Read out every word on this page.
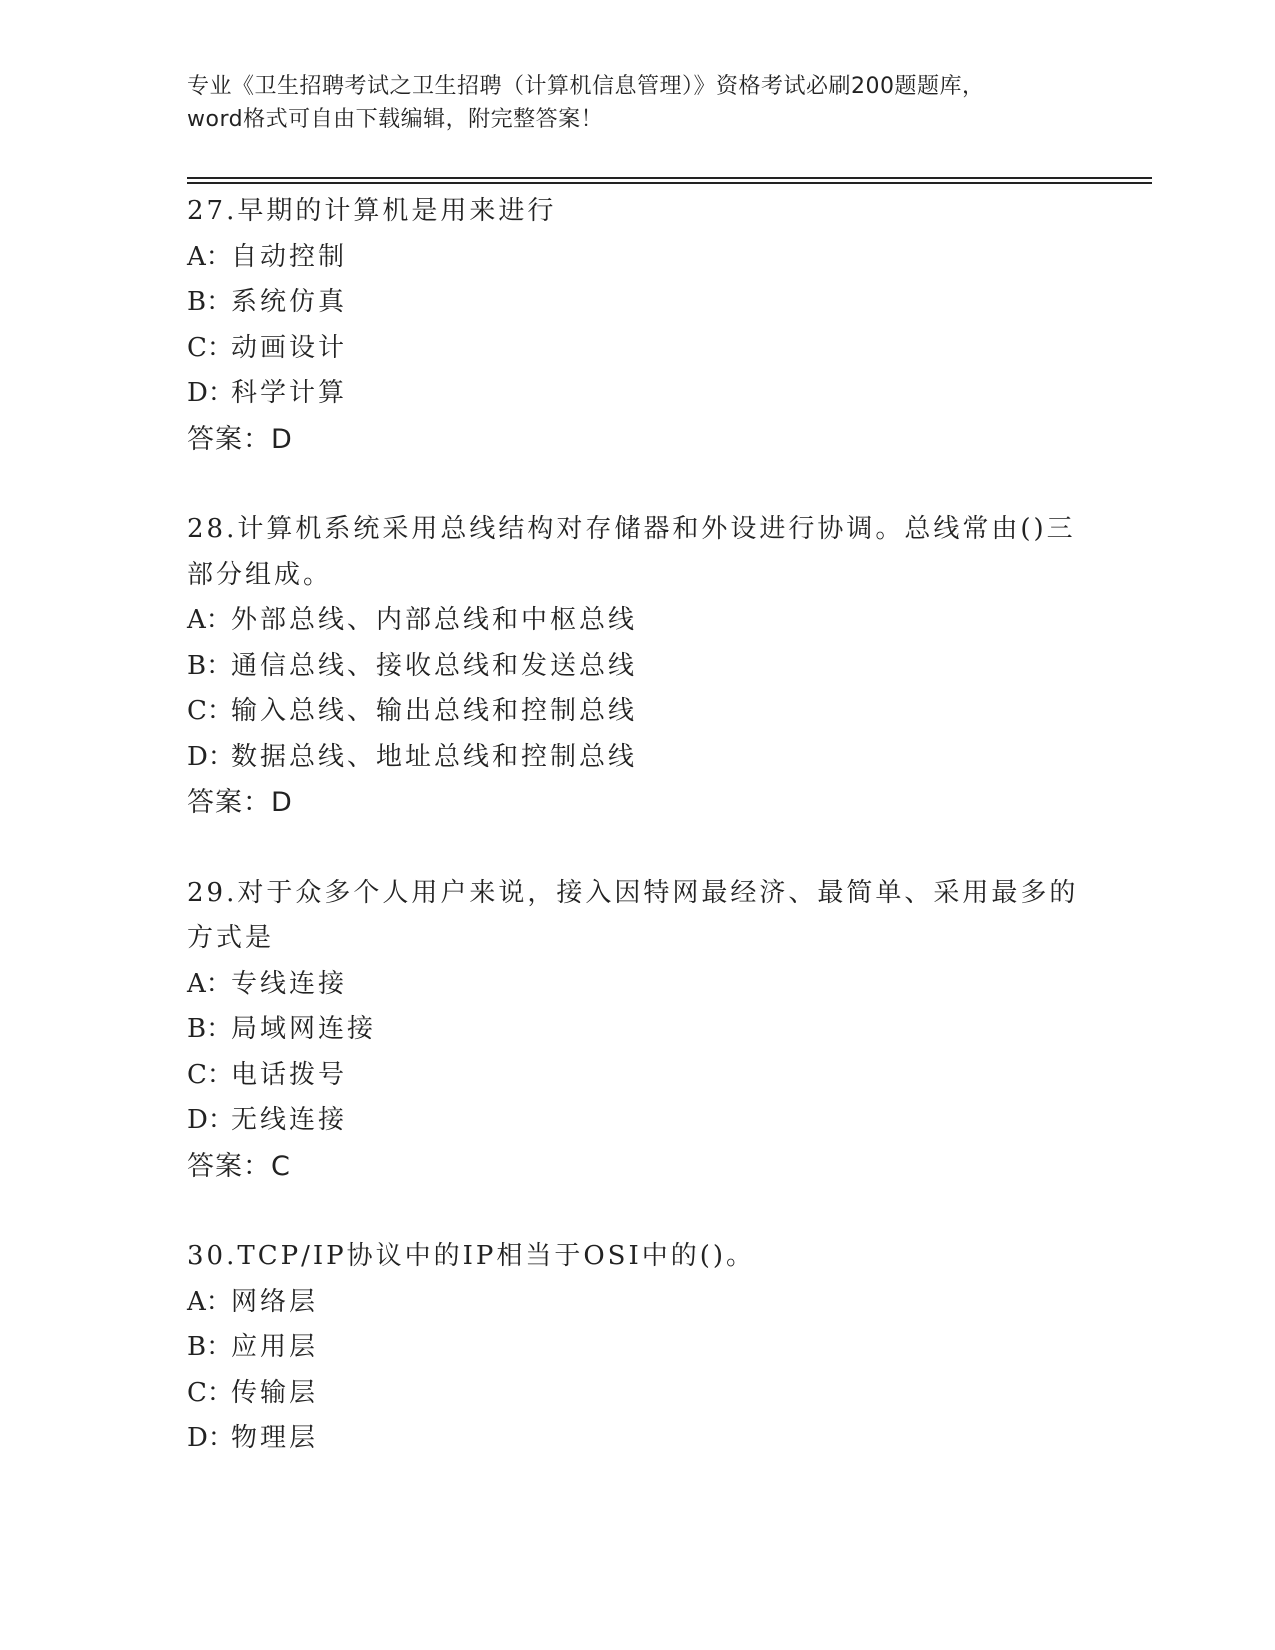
专业《卫生招聘考试之卫生招聘（计算机信息管理）》资格考试必刷200题题库，
word格式可自由下载编辑，附完整答案！
27.早期的计算机是用来进行
A：自动控制
B：系统仿真
C：动画设计
D：科学计算
答案：D
28.计算机系统采用总线结构对存储器和外设进行协调。总线常由()三部分组成。
A：外部总线、内部总线和中枢总线
B：通信总线、接收总线和发送总线
C：输入总线、输出总线和控制总线
D：数据总线、地址总线和控制总线
答案：D
29.对于众多个人用户来说，接入因特网最经济、最简单、采用最多的方式是
A：专线连接
B：局域网连接
C：电话拨号
D：无线连接
答案：C
30.TCP/IP协议中的IP相当于OSI中的()。
A：网络层
B：应用层
C：传输层
D：物理层
